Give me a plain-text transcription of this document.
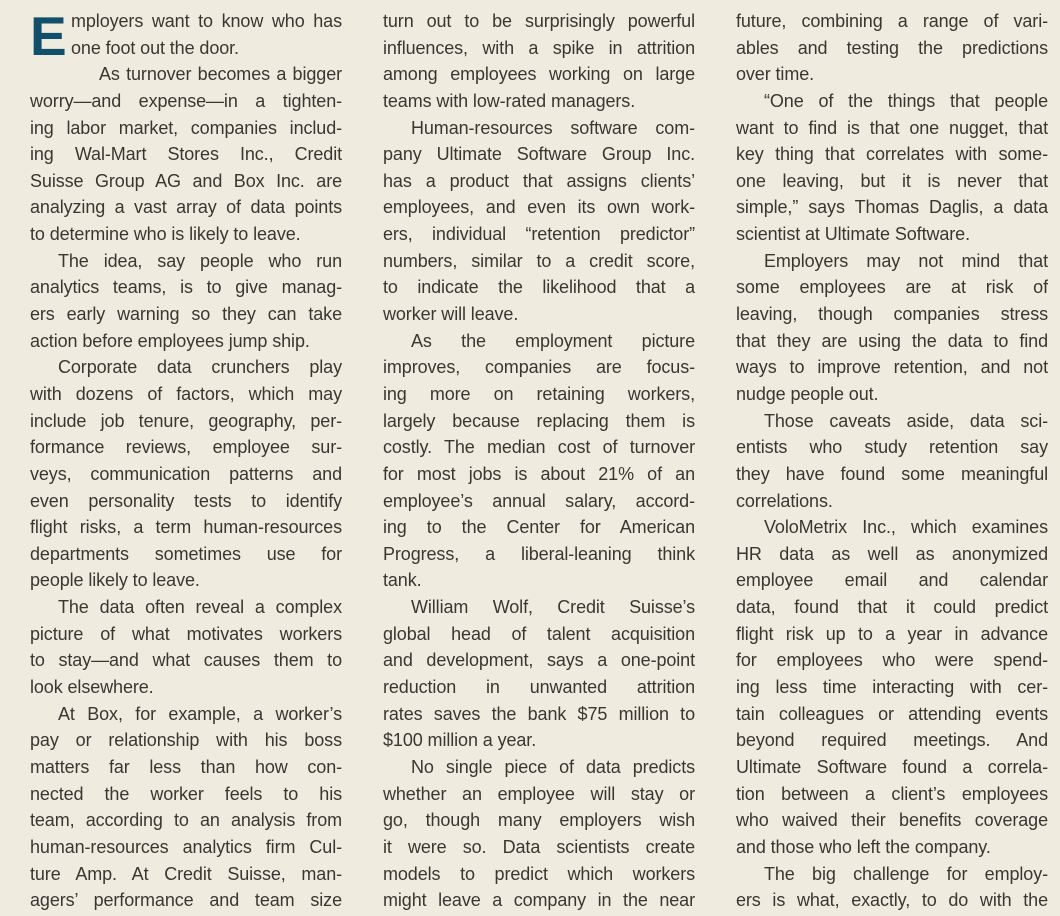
E mployers want to know who has
one foot out the door.
As turnover becomes a bigger
worry—and expense—in a tighten-
ing labor market, companies includ-
ing Wal-Mart Stores Inc., Credit
Suisse Group AG and Box Inc. are
analyzing a vast array of data points
to determine who is likely to leave.
The idea, say people who run
analytics teams, is to give manag-
ers early warning so they can take
action before employees jump ship.
Corporate data crunchers play
with dozens of factors, which may
include job tenure, geography, per-
formance reviews, employee sur-
veys, communication patterns and
even personality tests to identify
flight risks, a term human-resources
departments sometimes use for
people likely to leave.
The data often reveal a complex
picture of what motivates workers
to stay—and what causes them to
look elsewhere.
At Box, for example, a worker’s
pay or relationship with his boss
matters far less than how con-
nected the worker feels to his
team, according to an analysis from
human-resources analytics firm Cul-
ture Amp. At Credit Suisse, man-
agers’ performance and team size
turn out to be surprisingly powerful
influences, with a spike in attrition
among employees working on large
teams with low-rated managers.
Human-resources software com-
pany Ultimate Software Group Inc.
has a product that assigns clients’
employees, and even its own work-
ers, individual “retention predictor”
numbers, similar to a credit score,
to indicate the likelihood that a
worker will leave.
As the employment picture
improves, companies are focus-
ing more on retaining workers,
largely because replacing them is
costly. The median cost of turnover
for most jobs is about 21% of an
employee’s annual salary, accord-
ing to the Center for American
Progress, a liberal-leaning think
tank.
William Wolf, Credit Suisse’s
global head of talent acquisition
and development, says a one-point
reduction in unwanted attrition
rates saves the bank $75 million to
$100 million a year.
No single piece of data predicts
whether an employee will stay or
go, though many employers wish
it were so. Data scientists create
models to predict which workers
might leave a company in the near
future, combining a range of vari-
ables and testing the predictions
over time.
“One of the things that people
want to find is that one nugget, that
key thing that correlates with some-
one leaving, but it is never that
simple,” says Thomas Daglis, a data
scientist at Ultimate Software.
Employers may not mind that
some employees are at risk of
leaving, though companies stress
that they are using the data to find
ways to improve retention, and not
nudge people out.
Those caveats aside, data sci-
entists who study retention say
they have found some meaningful
correlations.
VoloMetrix Inc., which examines
HR data as well as anonymized
employee email and calendar
data, found that it could predict
flight risk up to a year in advance
for employees who were spend-
ing less time interacting with cer-
tain colleagues or attending events
beyond required meetings. And
Ultimate Software found a correla-
tion between a client’s employees
who waived their benefits coverage
and those who left the company.
The big challenge for employ-
ers is what, exactly, to do with the
